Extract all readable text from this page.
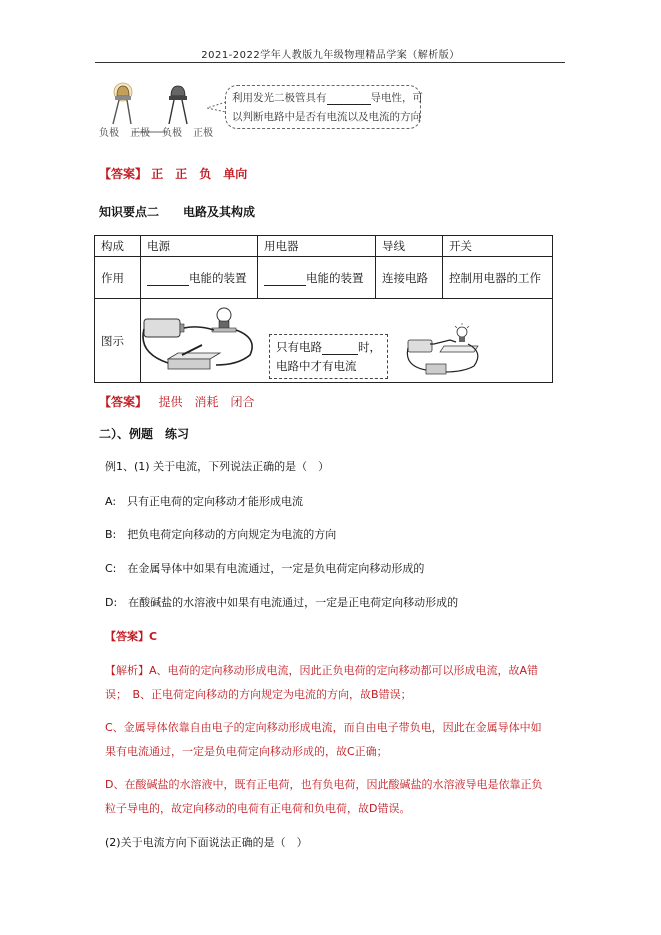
2021-2022学年人教版九年级物理精品学案（解析版）
负极	正极	负极	正极
利用发光二极管具有	导电性，可
以判断电路中是否有电流以及电流的方向
【答案】 正　正　负　单向
知识要点二　　电路及其构成
构成	电源	用电器	导线	开关
作用	电能的装置	电能的装置	连接电路	控制用电器的工作
图示					只有电路	时，
电路中才有电流
【答案】 提供　消耗　闭合
二）、例题　练习
例1、(1) 关于电流，下列说法正确的是（　）
A:　只有正电荷的定向移动才能形成电流
B:　把负电荷定向移动的方向规定为电流的方向
C:　在金属导体中如果有电流通过，一定是负电荷定向移动形成的
D:　在酸碱盐的水溶液中如果有电流通过，一定是正电荷定向移动形成的
【答案】C
【解析】A、电荷的定向移动形成电流，因此正负电荷的定向移动都可以形成电流，故A错
误；　B、正电荷定向移动的方向规定为电流的方向，故B错误；
C、金属导体依靠自由电子的定向移动形成电流，而自由电子带负电，因此在金属导体中如
果有电流通过，一定是负电荷定向移动形成的，故C正确；
D、在酸碱盐的水溶液中，既有正电荷，也有负电荷，因此酸碱盐的水溶液导电是依靠正负
粒子导电的，故定向移动的电荷有正电荷和负电荷，故D错误。
(2)关于电流方向下面说法正确的是（　）
